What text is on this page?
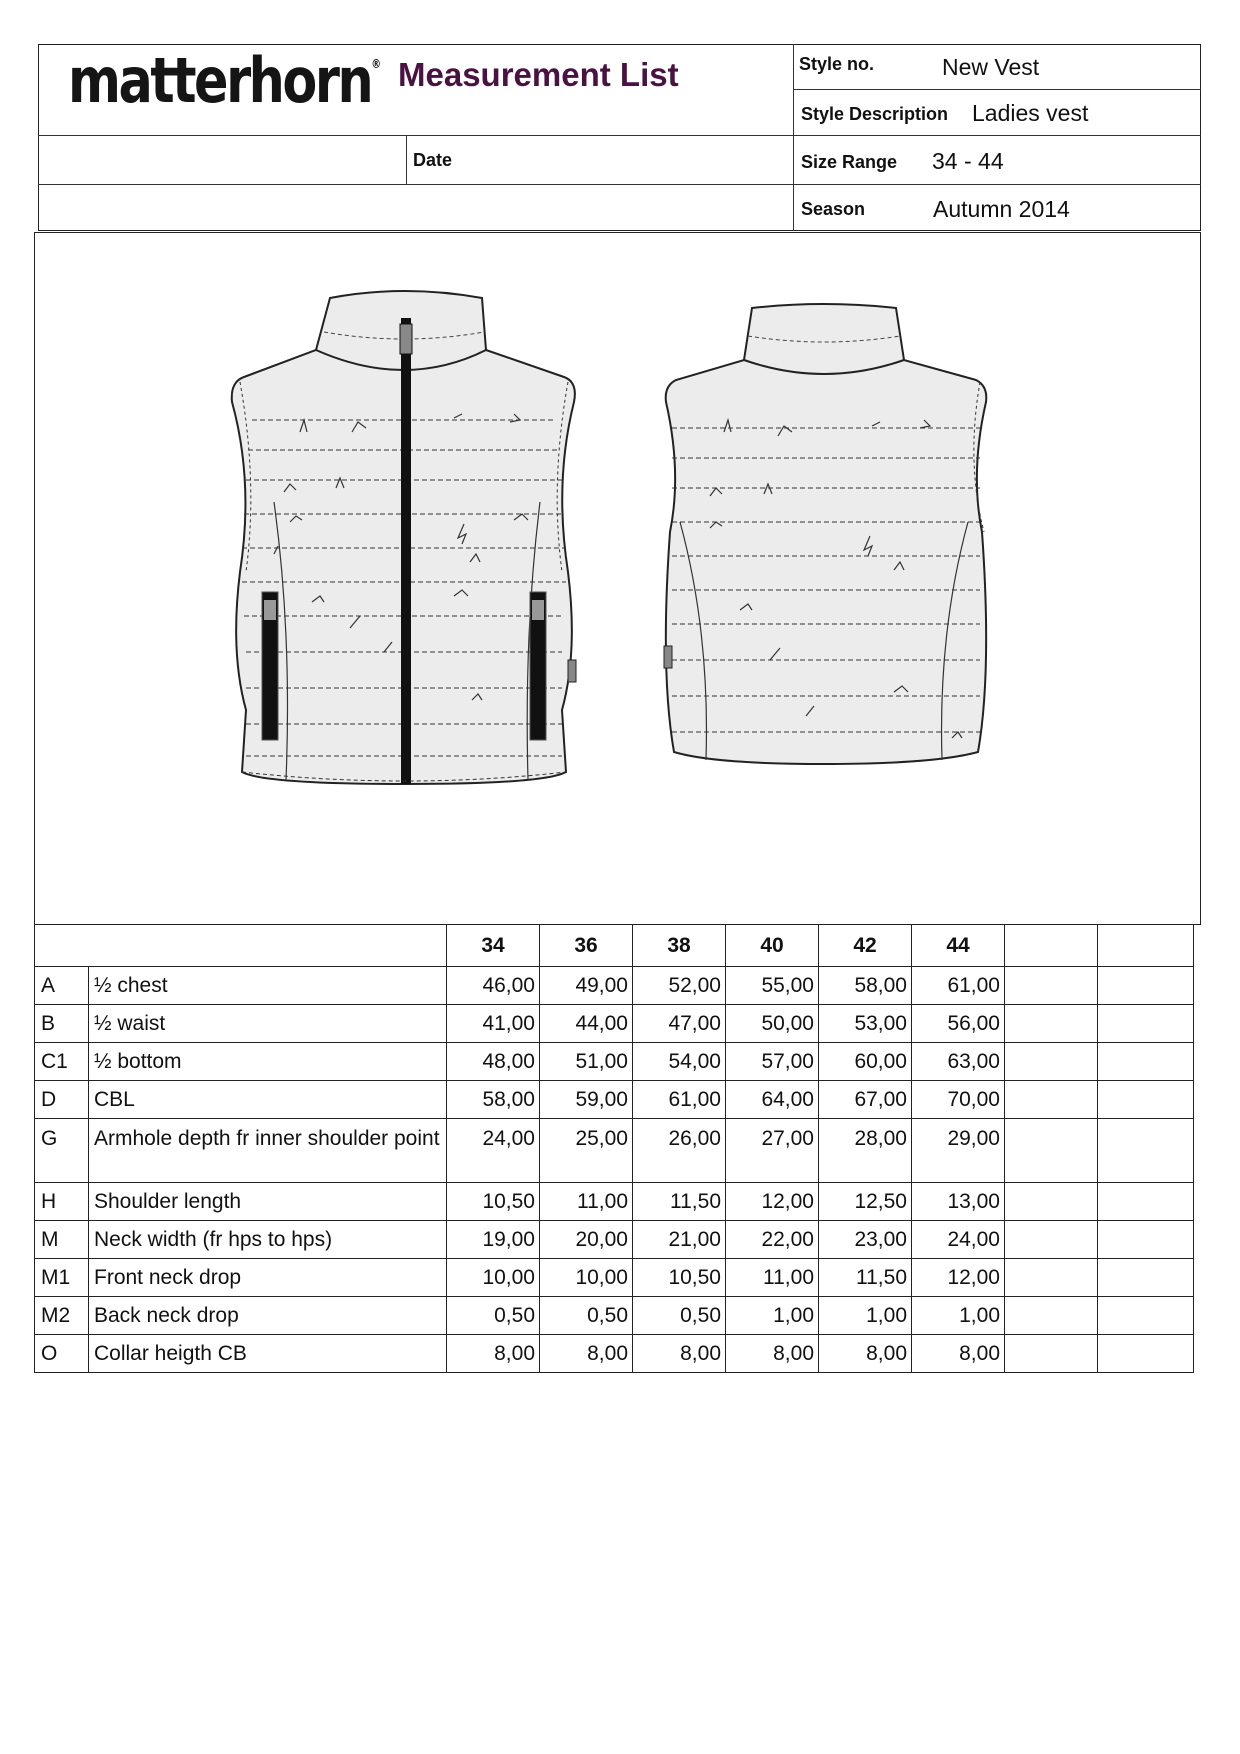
matterhorn® Measurement List	Style no.	New Vest
Style Description Ladies vest
Date	Size Range 34 - 44
Season	Autumn 2014
		34	36	38	40	42	44		
A	½ chest	46,00	49,00	52,00	55,00	58,00	61,00		
B	½ waist	41,00	44,00	47,00	50,00	53,00	56,00		
C1	½ bottom	48,00	51,00	54,00	57,00	60,00	63,00		
D	CBL	58,00	59,00	61,00	64,00	67,00	70,00		
G	Armhole depth fr inner shoulder point	24,00	25,00	26,00	27,00	28,00	29,00		
H	Shoulder length	10,50	11,00	11,50	12,00	12,50	13,00		
M	Neck width (fr hps to hps)	19,00	20,00	21,00	22,00	23,00	24,00		
M1	Front neck drop	10,00	10,00	10,50	11,00	11,50	12,00		
M2	Back neck drop	0,50	0,50	0,50	1,00	1,00	1,00		
O	Collar heigth CB	8,00	8,00	8,00	8,00	8,00	8,00		
